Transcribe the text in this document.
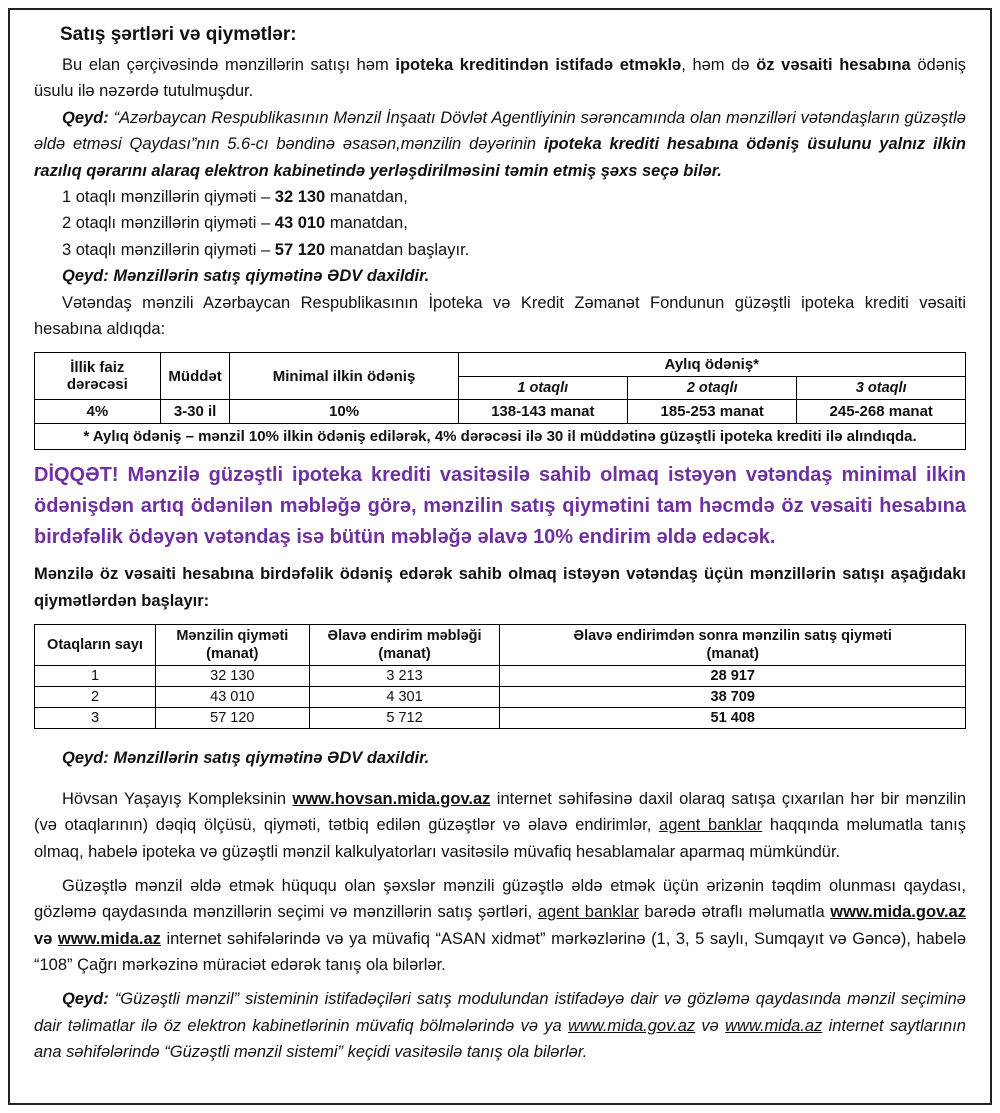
Satış şərtləri və qiymətlər:

Bu elan çərçivəsində mənzillərin satışı həm ipoteka kreditindən istifadə etməklə, həm də öz vəsaiti hesabına ödəniş üsulu ilə nəzərdə tutulmuşdur.

Qeyd: “Azərbaycan Respublikasının Mənzil İnşaatı Dövlət Agentliyinin sərəncamında olan mənzilləri vətəndaşların güzəştlə əldə etməsi Qaydası”nın 5.6-cı bəndinə əsasən,mənzilin dəyərinin ipoteka krediti hesabına ödəniş üsulunu yalnız ilkin razılıq qərarını alaraq elektron kabinetində yerləşdirilməsini təmin etmiş şəxs seçə bilər.

1 otaqlı mənzillərin qiyməti – 32 130 manatdan,

2 otaqlı mənzillərin qiyməti – 43 010 manatdan,

3 otaqlı mənzillərin qiyməti – 57 120 manatdan başlayır.

Qeyd: Mənzillərin satış qiymətinə ƏDV daxildir.

Vətəndaş mənzili Azərbaycan Respublikasının İpoteka və Kredit Zəmanət Fondunun güzəştli ipoteka krediti vəsaiti hesabına aldıqda:

İllik faiz dərəcəsi	Müddət	Minimal ilkin ödəniş	Aylıq ödəniş*		
			1 otaqlı	2 otaqlı	3 otaqlı
4%	3-30 il	10%	138-143 manat	185-253 manat	245-268 manat
* Aylıq ödəniş – mənzil 10% ilkin ödəniş edilərək, 4% dərəcəsi ilə 30 il müddətinə güzəştli ipoteka krediti ilə alındıqda.					

DİQQƏT! Mənzilə güzəştli ipoteka krediti vasitəsilə sahib olmaq istəyən vətəndaş minimal ilkin ödənişdən artıq ödənilən məbləğə görə, mənzilin satış qiymətini tam həcmdə öz vəsaiti hesabına birdəfəlik ödəyən vətəndaş isə bütün məbləğə əlavə 10% endirim əldə edəcək.

Mənzilə öz vəsaiti hesabına birdəfəlik ödəniş edərək sahib olmaq istəyən vətəndaş üçün mənzillərin satışı aşağıdakı qiymətlərdən başlayır:

Otaqların sayı

Mənzilin qiyməti
(manat)

Əlavə endirim məbləği
(manat)

Əlavə endirimdən sonra mənzilin satış qiyməti
(manat)

1	32 130	3 213	28 917
2	43 010	4 301	38 709
3	57 120	5 712	51 408

Qeyd: Mənzillərin satış qiymətinə ƏDV daxildir.

Hövsan Yaşayış Kompleksinin www.hovsan.mida.gov.az internet səhifəsinə daxil olaraq satışa çıxarılan hər bir mənzilin (və otaqlarının) dəqiq ölçüsü, qiyməti, tətbiq edilən güzəştlər və əlavə endirimlər, agent banklar haqqında məlumatla tanış olmaq, habelə ipoteka və güzəştli mənzil kalkulyatorları vasitəsilə müvafiq hesablamalar aparmaq mümkündür.

Güzəştlə mənzil əldə etmək hüququ olan şəxslər mənzili güzəştlə əldə etmək üçün ərizənin təqdim olunması qaydası, gözləmə qaydasında mənzillərin seçimi və mənzillərin satış şərtləri, agent banklar barədə ətraflı məlumatla www.mida.gov.az və www.mida.az internet səhifələrində və ya müvafiq “ASAN xidmət” mərkəzlərinə (1, 3, 5 saylı, Sumqayıt və Gəncə), habelə “108” Çağrı mərkəzinə müraciət edərək tanış ola bilərlər.

Qeyd: “Güzəştli mənzil” sisteminin istifadəçiləri satış modulundan istifadəyə dair və gözləmə qaydasında mənzil seçiminə dair təlimatlar ilə öz elektron kabinetlərinin müvafiq bölmələrində və ya www.mida.gov.az və www.mida.az internet saytlarının ana səhifələrində “Güzəştli mənzil sistemi” keçidi vasitəsilə tanış ola bilərlər.
